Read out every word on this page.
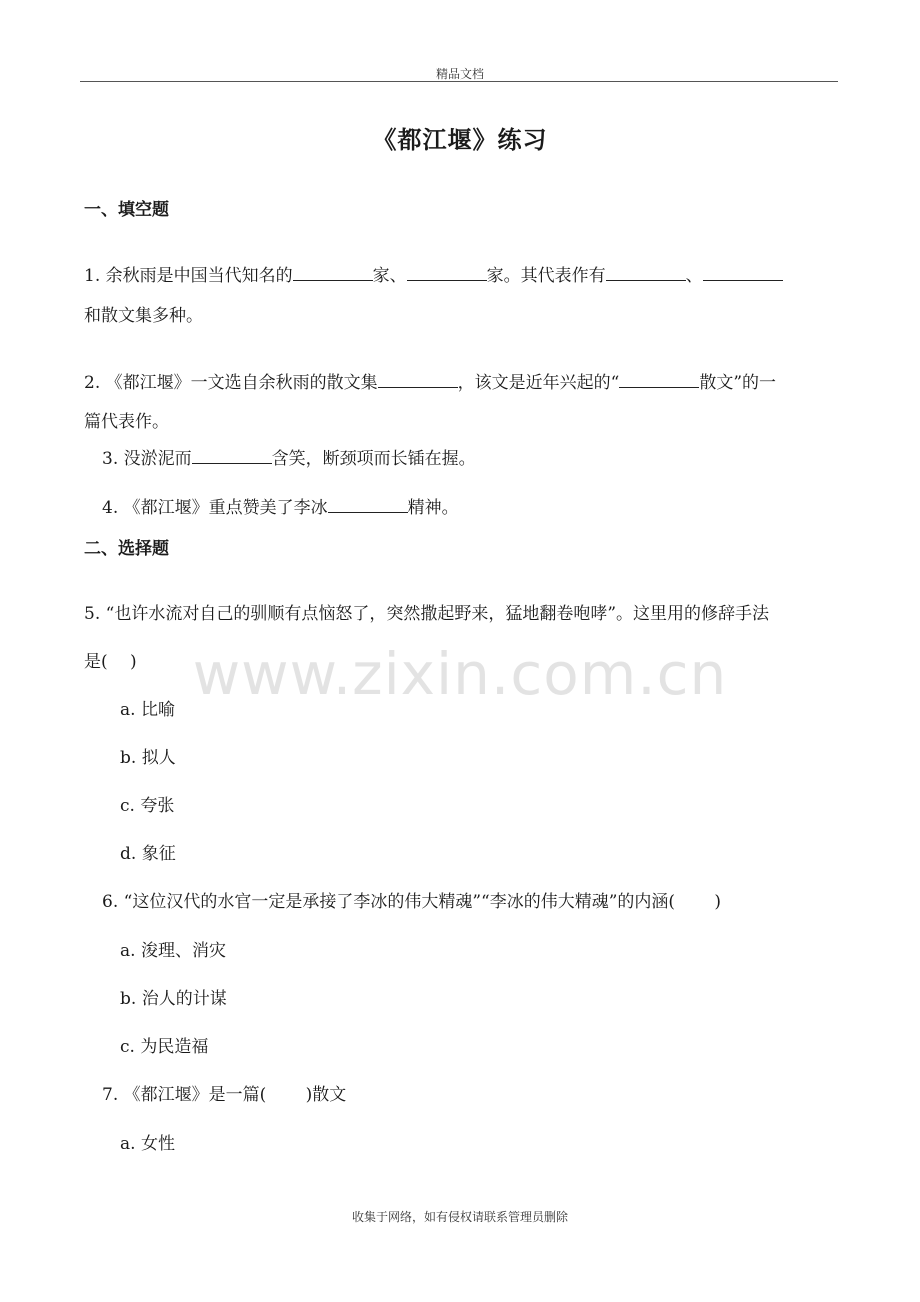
精品文档
《都江堰》练习
www.zixin.com.cn
一、填空题
1. 余秋雨是中国当代知名的	家、	家。其代表作有	、
和散文集多种。
2. 《都江堰》一文选自余秋雨的散文集	，该文是近年兴起的“	散文”的一
篇代表作。
3. 没淤泥而	含笑，断颈项而长锸在握。
4. 《都江堰》重点赞美了李冰	精神。
二、选择题
5. “也许水流对自己的驯顺有点恼怒了，突然撒起野来，猛地翻卷咆哮”。这里用的修辞手法
是(　 )
a. 比喻
b. 拟人
c. 夸张
d. 象征
6. “这位汉代的水官一定是承接了李冰的伟大精魂”“李冰的伟大精魂”的内涵(　 　)
a. 浚理、消灾
b. 治人的计谋
c. 为民造福
7. 《都江堰》是一篇(　 　)散文
a. 女性
收集于网络，如有侵权请联系管理员删除
